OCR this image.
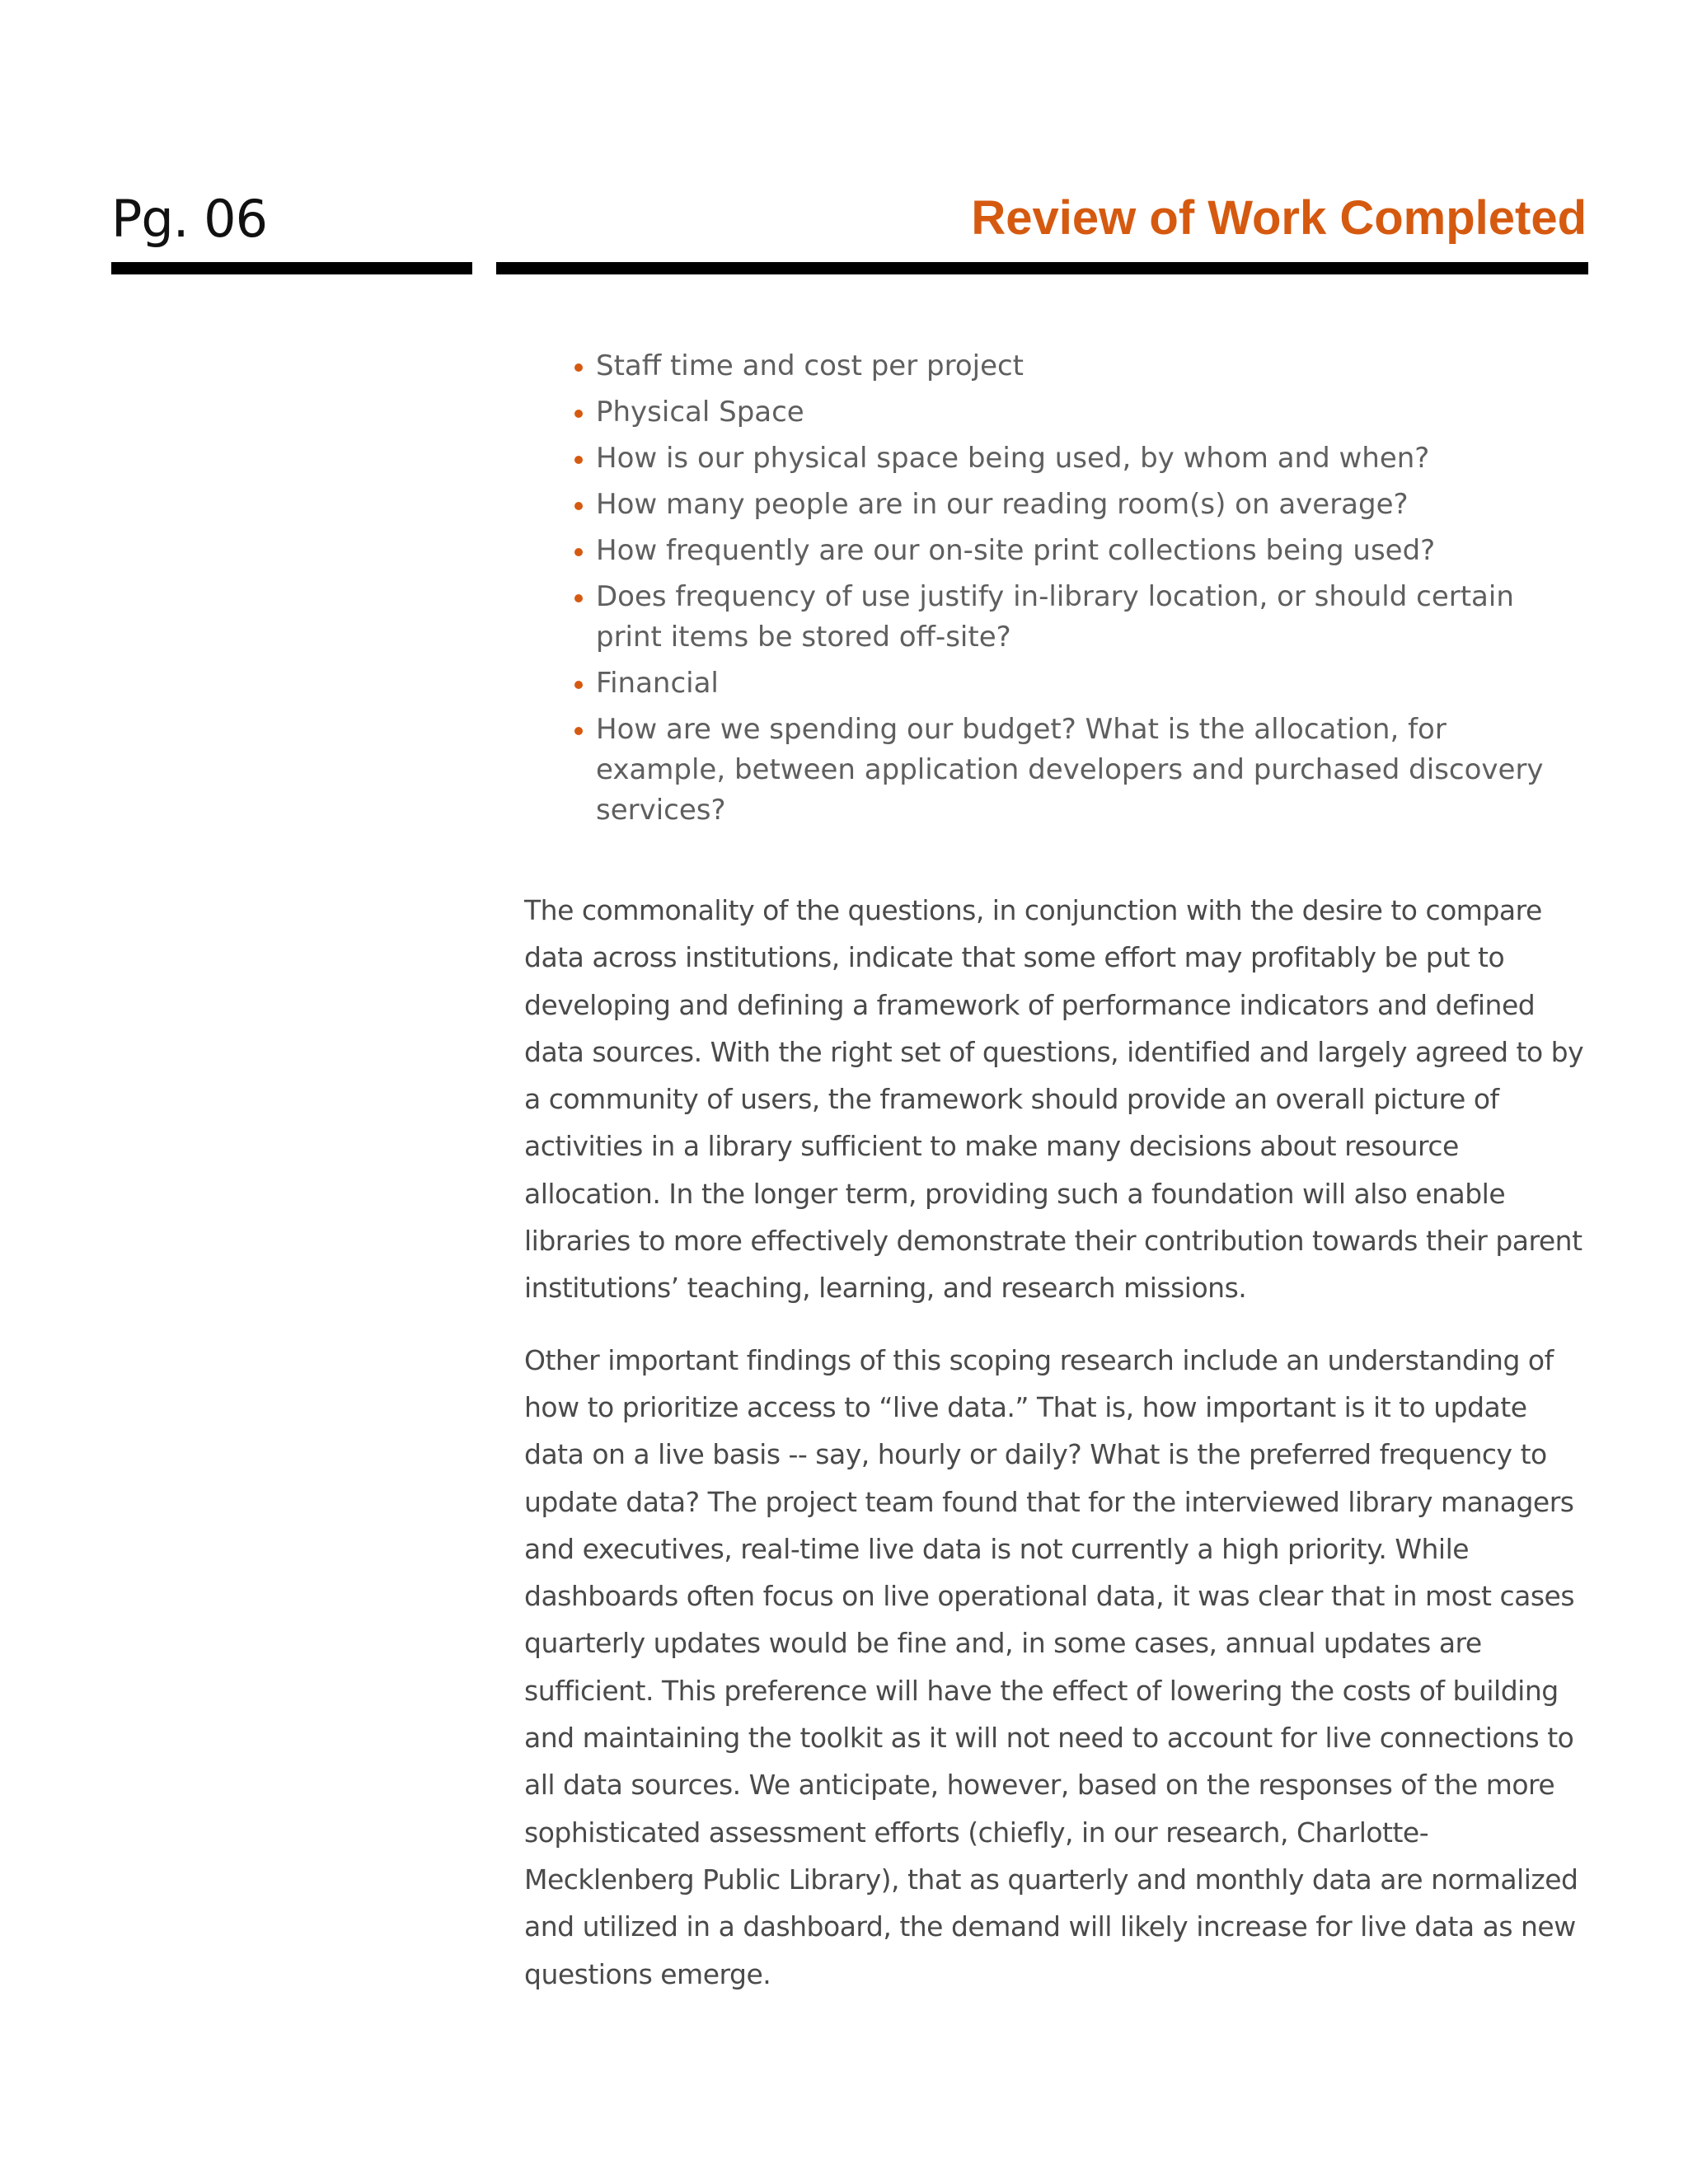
Pg. 06	Review of Work Completed
Staff time and cost per project
Physical Space
How is our physical space being used, by whom and when?
How many people are in our reading room(s) on average?
How frequently are our on-site print collections being used?
Does frequency of use justify in-library location, or should certain print items be stored off-site?
Financial
How are we spending our budget? What is the allocation, for example, between application developers and purchased discovery services?

The commonality of the questions, in conjunction with the desire to compare data across institutions, indicate that some effort may profitably be put to developing and defining a framework of performance indicators and defined data sources. With the right set of questions, identified and largely agreed to by a community of users, the framework should provide an overall picture of activities in a library sufficient to make many decisions about resource allocation. In the longer term, providing such a foundation will also enable libraries to more effectively demonstrate their contribution towards their parent institutions’ teaching, learning, and research missions.

Other important findings of this scoping research include an understanding of how to prioritize access to “live data.” That is, how important is it to update data on a live basis -- say, hourly or daily? What is the preferred frequency to update data? The project team found that for the interviewed library managers and executives, real-time live data is not currently a high priority. While dashboards often focus on live operational data, it was clear that in most cases quarterly updates would be fine and, in some cases, annual updates are sufficient. This preference will have the effect of lowering the costs of building and maintaining the toolkit as it will not need to account for live connections to all data sources. We anticipate, however, based on the responses of the more sophisticated assessment efforts (chiefly, in our research, Charlotte-Mecklenberg Public Library), that as quarterly and monthly data are normalized and utilized in a dashboard, the demand will likely increase for live data as new questions emerge.
